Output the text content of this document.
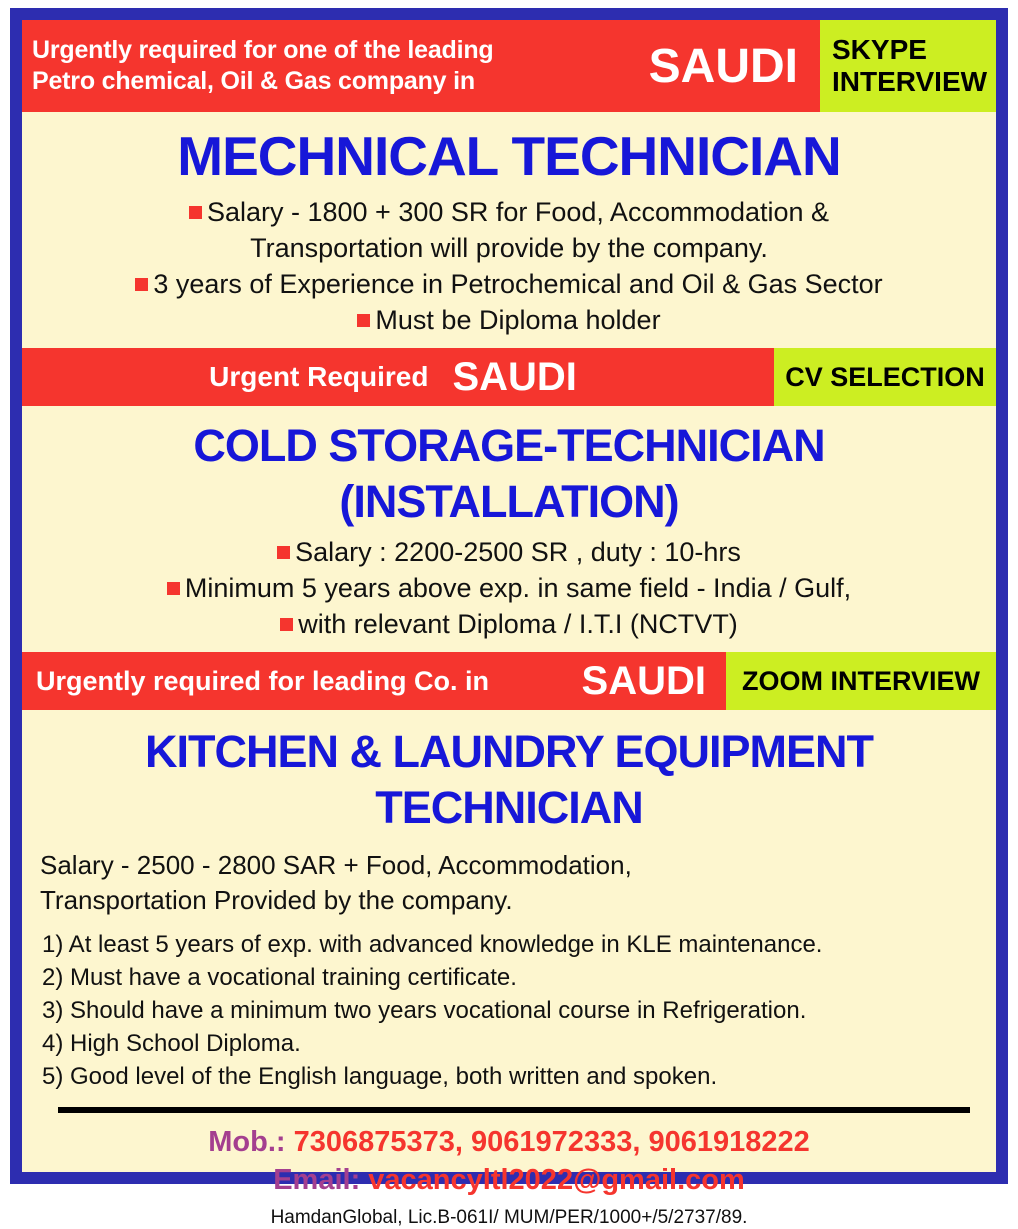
Urgently required for one of the leading
Petro chemical, Oil & Gas company in	SAUDI	SKYPE
INTERVIEW
MECHNICAL TECHNICIAN
Salary - 1800 + 300 SR for Food, Accommodation &
Transportation will provide by the company.
3 years of Experience in Petrochemical and Oil & Gas Sector
Must be Diploma holder
Urgent Required SAUDI	CV SELECTION
COLD STORAGE-TECHNICIAN (INSTALLATION)
Salary : 2200-2500 SR , duty : 10-hrs
Minimum 5 years above exp. in same field - India / Gulf,
with relevant Diploma / I.T.I (NCTVT)
Urgently required for leading Co. in	SAUDI	ZOOM INTERVIEW
KITCHEN & LAUNDRY EQUIPMENT TECHNICIAN
Salary - 2500 - 2800 SAR + Food, Accommodation,
Transportation Provided by the company.
1) At least 5 years of exp. with advanced knowledge in KLE maintenance.
2) Must have a vocational training certificate.
3) Should have a minimum two years vocational course in Refrigeration.
4) High School Diploma.
5) Good level of the English language, both written and spoken.
Mob.: 7306875373, 9061972333, 9061918222
Email: vacancyltl2022@gmail.com
HamdanGlobal, Lic.B-061I/ MUM/PER/1000+/5/2737/89.
